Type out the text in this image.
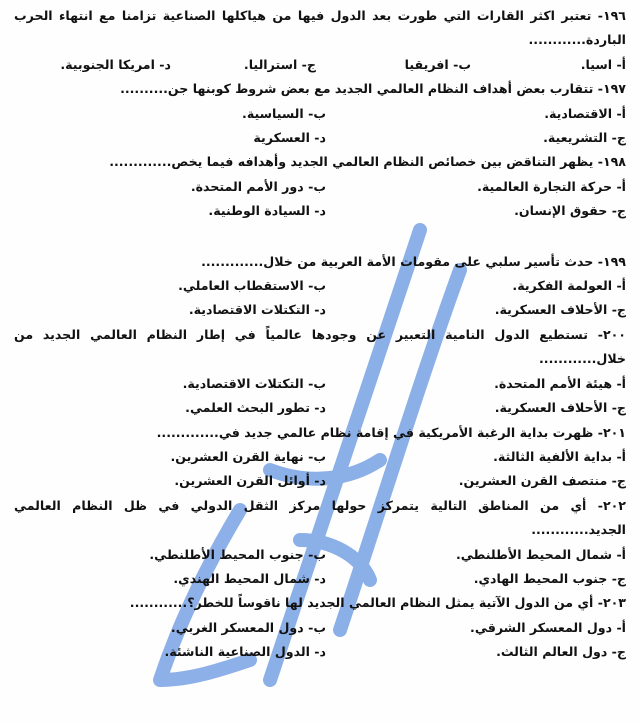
١٩٦- تعتبر اكثر القارات التي طورت بعد الدول فيها من هياكلها الصناعية تزامنا مع انتهاء الحرب الباردة............
أ- اسيا.
ب- افريقيا
ج- استراليا.
د- امريكا الجنوبية.
١٩٧- تتقارب بعض أهداف النظام العالمي الجديد مع بعض شروط كوبنها جن..........
أ- الاقتصادية.
ب- السياسية.
ج- التشريعية.
د- العسكرية
١٩٨- يظهر التناقض بين خصائص النظام العالمي الجديد وأهدافه فيما يخص.............
أ- حركة التجارة العالمية.
ب- دور الأمم المتحدة.
ج- حقوق الإنسان.
د- السيادة الوطنية.
١٩٩- حدث تأسير سلبي على مقومات الأمة العربية من خلال.............
أ- العولمة الفكرية.
ب- الاستقطاب العاملي.
ج- الأحلاف العسكرية.
د- التكتلات الاقتصادية.
٢٠٠- تستطيع الدول النامية التعبير عن وجودها عالمياً في إطار النظام العالمي الجديد من خلال............
أ- هيئة الأمم المتحدة.
ب- التكتلات الاقتصادية.
ج- الأحلاف العسكرية.
د- تطور البحث العلمي.
٢٠١- ظهرت بداية الرغبة الأمريكية في إقامة نظام عالمي جديد في.............
أ- بداية الألفية الثالثة.
ب- نهاية القرن العشرين.
ج- منتصف القرن العشرين.
د- أوائل القرن العشرين.
٢٠٢- أي من المناطق التالية يتمركز حولها مركز الثقل الدولي في ظل النظام العالمي الجديد............
أ- شمال المحيط الأطلنطي.
ب- جنوب المحيط الأطلنطي.
ج- جنوب المحيط الهادي.
د- شمال المحيط الهندي.
٢٠٣- أي من الدول الآتية يمثل النظام العالمي الجديد لها ناقوساً للخطر؟............
أ- دول المعسكر الشرقي.
ب- دول المعسكر الغربي.
ج- دول العالم الثالث.
د- الدول الصناعية الناشئة.
